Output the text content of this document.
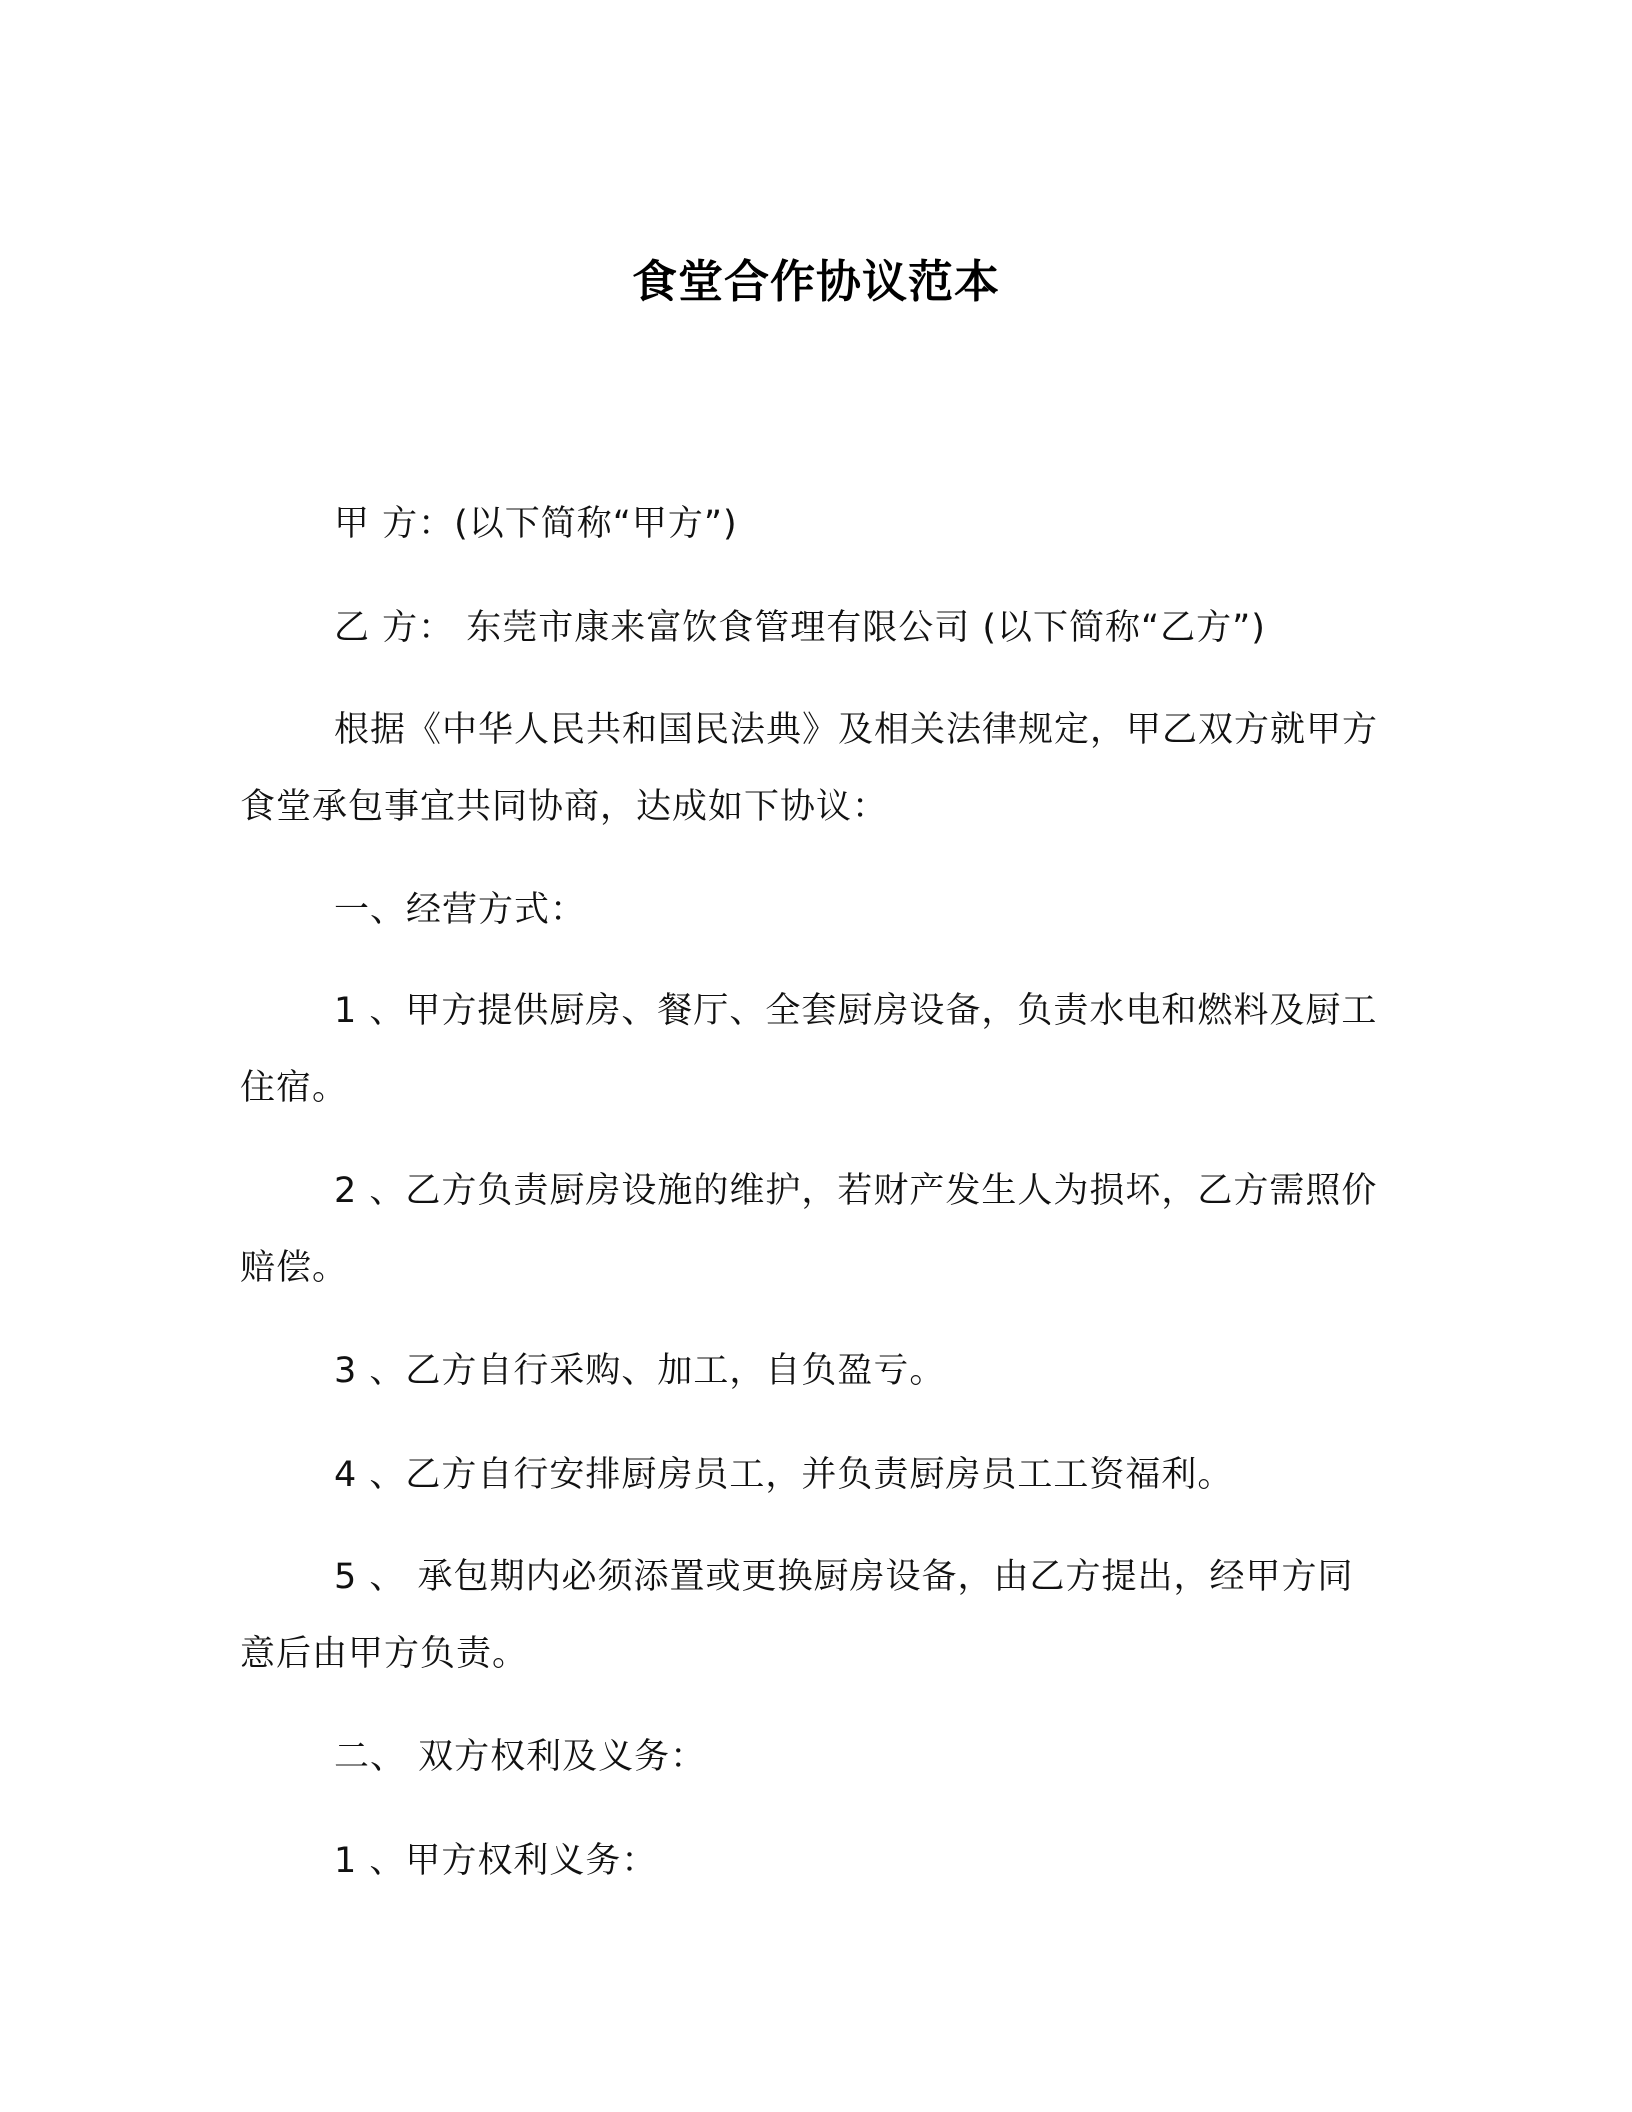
食堂合作协议范本

甲 方：(以下简称“甲方”)

乙 方： 东莞市康来富饮食管理有限公司 (以下简称“乙方”)

根据《中华人民共和国民法典》及相关法律规定，甲乙双方就甲方食堂承包事宜共同协商，达成如下协议：

一、经营方式：

1 、甲方提供厨房、餐厅、全套厨房设备，负责水电和燃料及厨工住宿。

2 、乙方负责厨房设施的维护，若财产发生人为损坏，乙方需照价赔偿。

3 、乙方自行采购、加工，自负盈亏。

4 、乙方自行安排厨房员工，并负责厨房员工工资福利。

5 、 承包期内必须添置或更换厨房设备，由乙方提出，经甲方同意后由甲方负责。

二、 双方权利及义务：

1 、甲方权利义务：
